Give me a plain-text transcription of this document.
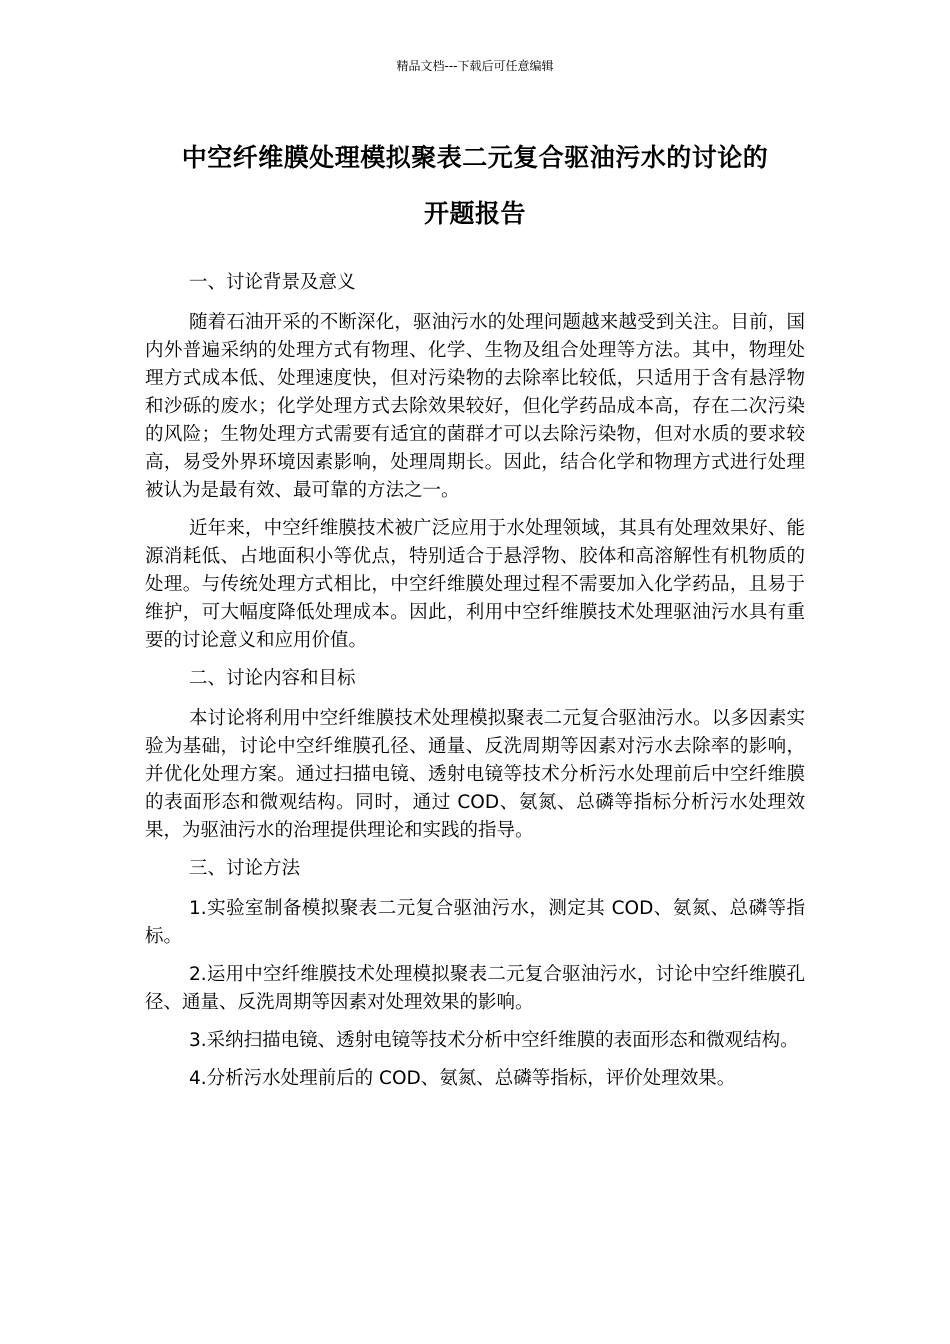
精品文档---下载后可任意编辑
中空纤维膜处理模拟聚表二元复合驱油污水的讨论的
开题报告

一、讨论背景及意义

随着石油开采的不断深化，驱油污水的处理问题越来越受到关注。目前，国内外普遍采纳的处理方式有物理、化学、生物及组合处理等方法。其中，物理处理方式成本低、处理速度快，但对污染物的去除率比较低，只适用于含有悬浮物和沙砾的废水；化学处理方式去除效果较好，但化学药品成本高，存在二次污染的风险；生物处理方式需要有适宜的菌群才可以去除污染物，但对水质的要求较高，易受外界环境因素影响，处理周期长。因此，结合化学和物理方式进行处理被认为是最有效、最可靠的方法之一。

近年来，中空纤维膜技术被广泛应用于水处理领域，其具有处理效果好、能源消耗低、占地面积小等优点，特别适合于悬浮物、胶体和高溶解性有机物质的处理。与传统处理方式相比，中空纤维膜处理过程不需要加入化学药品，且易于维护，可大幅度降低处理成本。因此，利用中空纤维膜技术处理驱油污水具有重要的讨论意义和应用价值。

二、讨论内容和目标

本讨论将利用中空纤维膜技术处理模拟聚表二元复合驱油污水。以多因素实验为基础，讨论中空纤维膜孔径、通量、反洗周期等因素对污水去除率的影响，并优化处理方案。通过扫描电镜、透射电镜等技术分析污水处理前后中空纤维膜的表面形态和微观结构。同时，通过 COD、氨氮、总磷等指标分析污水处理效果，为驱油污水的治理提供理论和实践的指导。

三、讨论方法

1.实验室制备模拟聚表二元复合驱油污水，测定其 COD、氨氮、总磷等指标。

2.运用中空纤维膜技术处理模拟聚表二元复合驱油污水，讨论中空纤维膜孔径、通量、反洗周期等因素对处理效果的影响。

3.采纳扫描电镜、透射电镜等技术分析中空纤维膜的表面形态和微观结构。

4.分析污水处理前后的 COD、氨氮、总磷等指标，评价处理效果。
